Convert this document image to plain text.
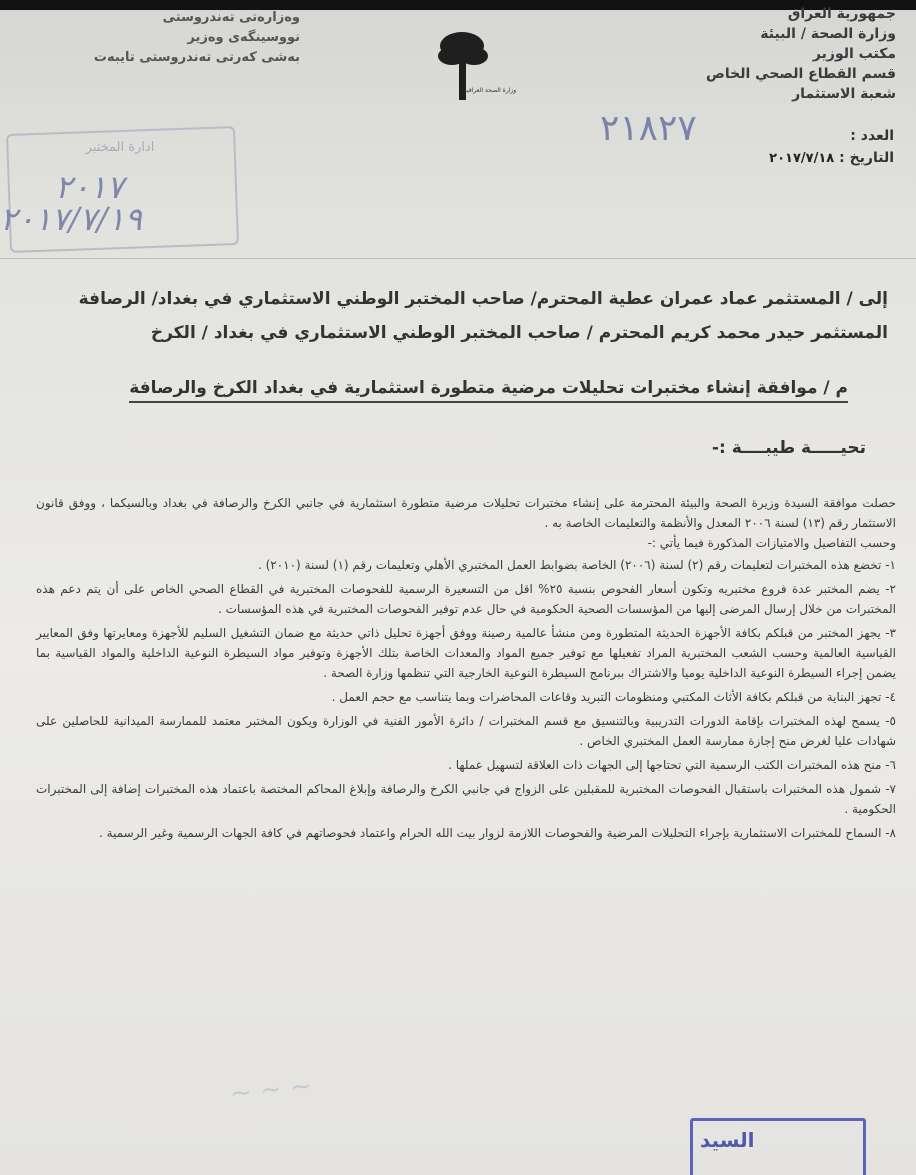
جمهورية العراق
وزارة الصحة / البيئة
مكتب الوزير
قسم القطاع الصحي الخاص
شعبة الاستثمار
وەزارەتی تەندروستی
نووسینگەی وەزیر
بەشی کەرتی تەندروستی تایبەت
وزارة الصحة العراقية
٢١٨٢٧	العدد :
التاريخ : ٢٠١٧/٧/١٨
ادارة المختبر
٢٠١٧
٢٠١٧/٧/١٩
إلى / المستثمر عماد عمران عطية المحترم/ صاحب المختبر الوطني الاستثماري في بغداد/ الرصافة
المستثمر حيدر محمد كريم المحترم / صاحب المختبر الوطني الاستثماري في بغداد / الكرخ
م / موافقة إنشاء مختبرات تحليلات مرضية متطورة استثمارية في بغداد الكرخ والرصافة
تحيـــــة طيبــــة :-

حصلت موافقة السيدة وزيرة الصحة والبيئة المحترمة على إنشاء مختبرات تحليلات مرضية متطورة استثمارية في جانبي الكرخ والرصافة في بغداد وبالسيكما ، ووفق قانون الاستثمار رقم (١٣) لسنة ٢٠٠٦ المعدل والأنظمة والتعليمات الخاصة به .

وحسب التفاصيل والامتيازات المذكورة فيما يأتي :-

١- تخضع هذه المختبرات لتعليمات رقم (٢) لسنة (٢٠٠٦) الخاصة بضوابط العمل المختبري الأهلي وتعليمات رقم (١) لسنة (٢٠١٠) .
٢- يضم المختبر عدة فروع مختبريه وتكون أسعار الفحوص بنسبة ٢٥% اقل من التسعيرة الرسمية للفحوصات المختبرية في القطاع الصحي الخاص على أن يتم دعم هذه المختبرات من خلال إرسال المرضى إليها من المؤسسات الصحية الحكومية في حال عدم توفير الفحوصات المختبرية في هذه المؤسسات .
٣- يجهز المختبر من قبلكم بكافة الأجهزة الحديثة المتطورة ومن منشأ عالمية رصينة ووفق أجهزة تحليل ذاتي حديثة مع ضمان التشغيل السليم للأجهزة ومعايرتها وفق المعايير القياسية العالمية وحسب الشعب المختبرية المراد تفعيلها مع توفير جميع المواد والمعدات الخاصة بتلك الأجهزة وتوفير مواد السيطرة النوعية الداخلية والمواد القياسية بما يضمن إجراء السيطرة النوعية الداخلية يوميا والاشتراك ببرنامج السيطرة النوعية الخارجية التي تنظمها وزارة الصحة .
٤- تجهز البناية من قبلكم بكافة الأثاث المكتبي ومنظومات التبريد وقاعات المحاضرات وبما يتناسب مع حجم العمل .
٥- يسمح لهذه المختبرات بإقامة الدورات التدريبية وبالتنسيق مع قسم المختبرات / دائرة الأمور الفنية في الوزارة ويكون المختبر معتمد للممارسة الميدانية للحاصلين على شهادات عليا لغرض منح إجازة ممارسة العمل المختبري الخاص .
٦- منح هذه المختبرات الكتب الرسمية التي تحتاجها إلى الجهات ذات العلاقة لتسهيل عملها .
٧- شمول هذه المختبرات باستقبال الفحوصات المختبرية للمقبلين على الزواج في جانبي الكرخ والرصافة وإبلاغ المحاكم المختصة باعتماد هذه المختبرات إضافة إلى المختبرات الحكومية .
٨- السماح للمختبرات الاستثمارية بإجراء التحليلات المرضية والفحوصات اللازمة لزوار بيت الله الحرام واعتماد فحوصاتهم في كافة الجهات الرسمية وغير الرسمية .
~ ~ ~
السيد
